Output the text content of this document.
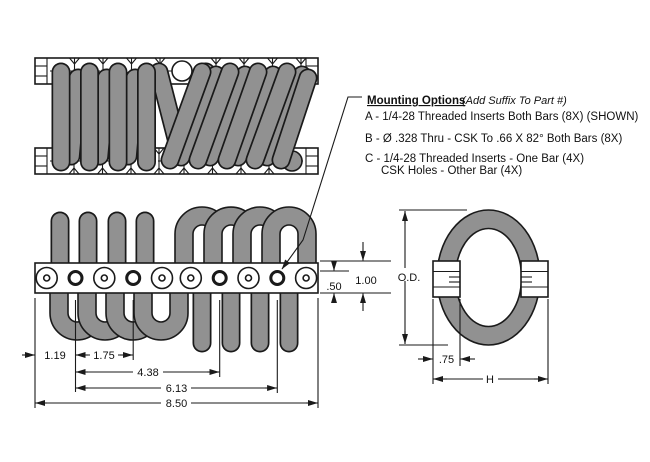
1.19	1.75
4.38
6.13
8.50
.50 1.00 O.D.
.75
H
Mounting Options
(Add Suffix To Part #)
A - 1/4-28 Threaded Inserts Both Bars (8X) (SHOWN)
B - Ø .328 Thru - CSK To .66 X 82° Both Bars (8X)
C - 1/4-28 Threaded Inserts - One Bar (4X)
CSK Holes - Other Bar (4X)
